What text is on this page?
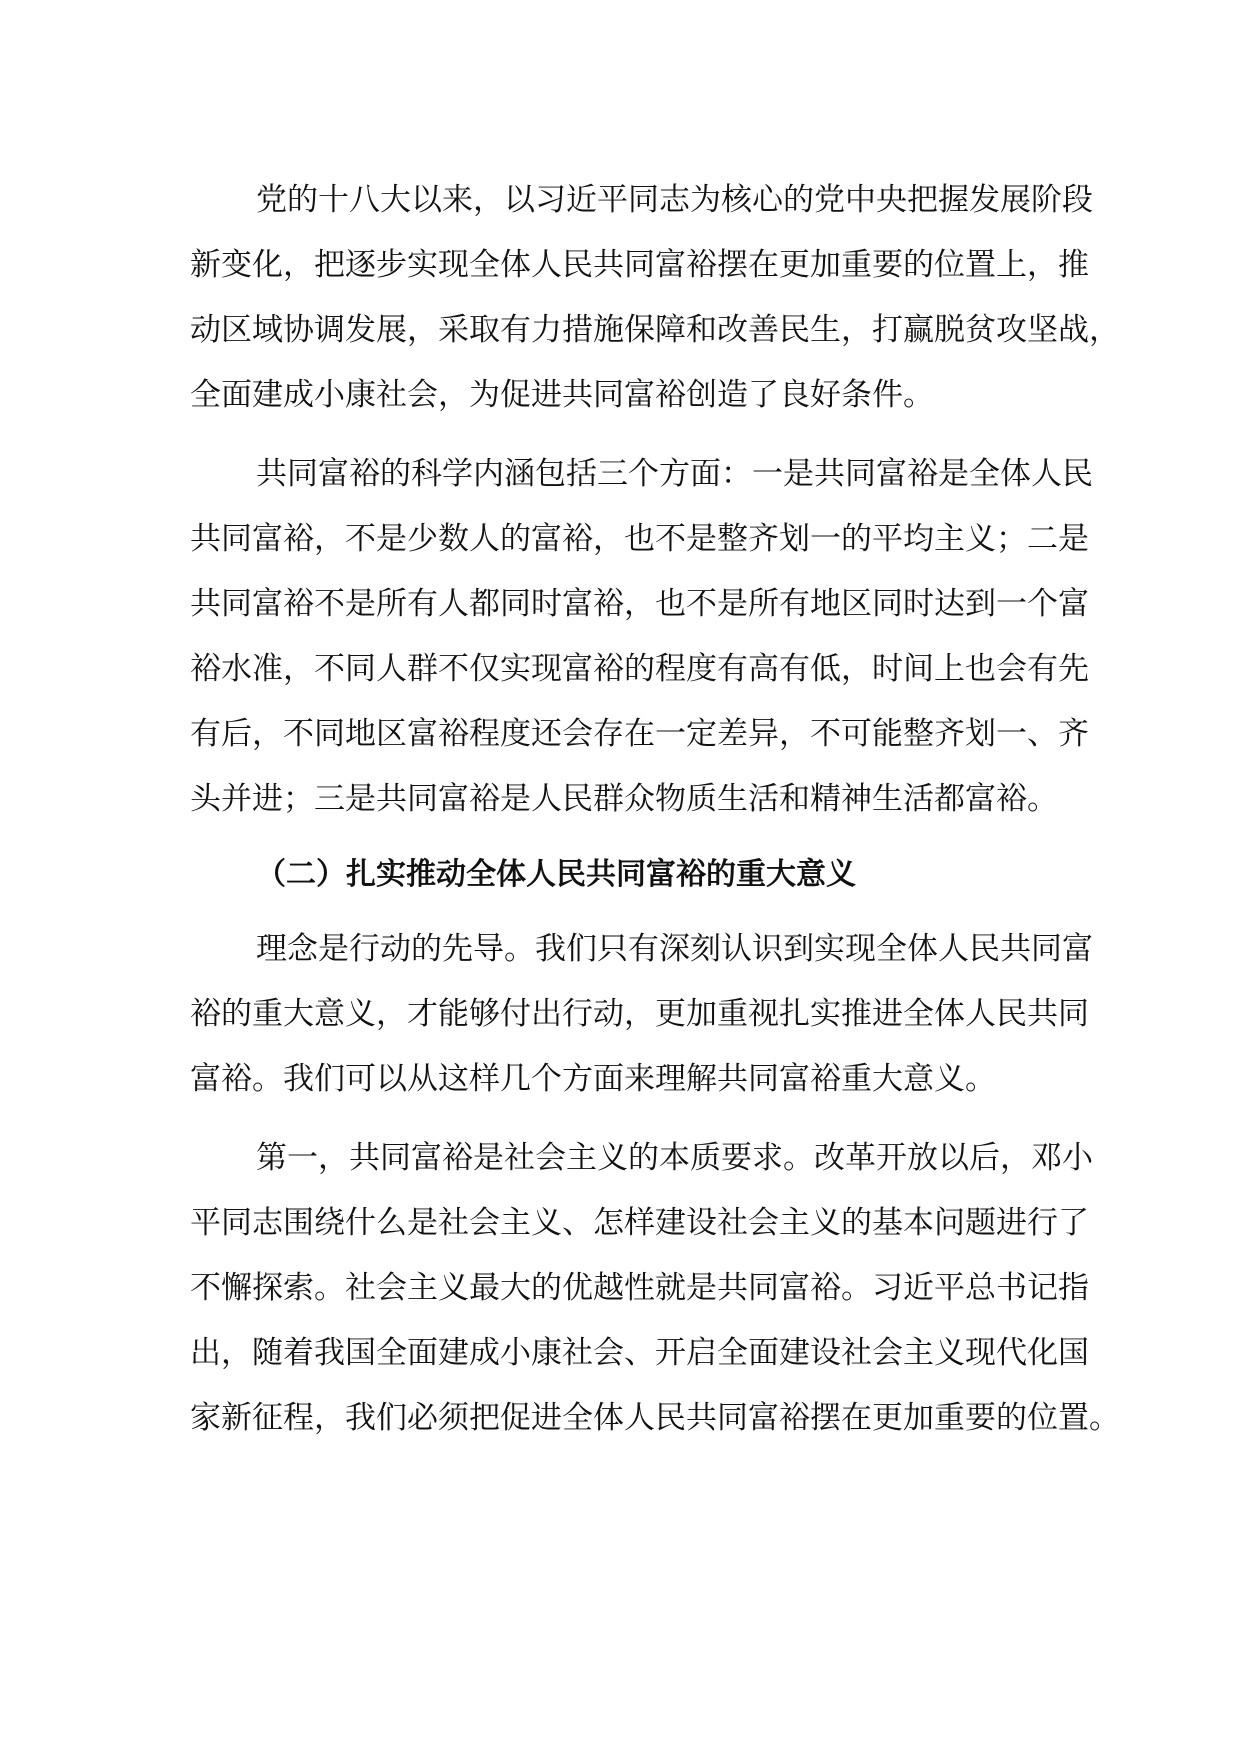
党的十八大以来，以习近平同志为核心的党中央把握发展阶段
新变化，把逐步实现全体人民共同富裕摆在更加重要的位置上，推
动区域协调发展，采取有力措施保障和改善民生，打赢脱贫攻坚战，
全面建成小康社会，为促进共同富裕创造了良好条件。
共同富裕的科学内涵包括三个方面：一是共同富裕是全体人民
共同富裕，不是少数人的富裕，也不是整齐划一的平均主义；二是
共同富裕不是所有人都同时富裕，也不是所有地区同时达到一个富
裕水准，不同人群不仅实现富裕的程度有高有低，时间上也会有先
有后，不同地区富裕程度还会存在一定差异，不可能整齐划一、齐
头并进；三是共同富裕是人民群众物质生活和精神生活都富裕。
（二）扎实推动全体人民共同富裕的重大意义
理念是行动的先导。我们只有深刻认识到实现全体人民共同富
裕的重大意义，才能够付出行动，更加重视扎实推进全体人民共同
富裕。我们可以从这样几个方面来理解共同富裕重大意义。
第一，共同富裕是社会主义的本质要求。改革开放以后，邓小
平同志围绕什么是社会主义、怎样建设社会主义的基本问题进行了
不懈探索。社会主义最大的优越性就是共同富裕。习近平总书记指
出，随着我国全面建成小康社会、开启全面建设社会主义现代化国
家新征程，我们必须把促进全体人民共同富裕摆在更加重要的位置。
